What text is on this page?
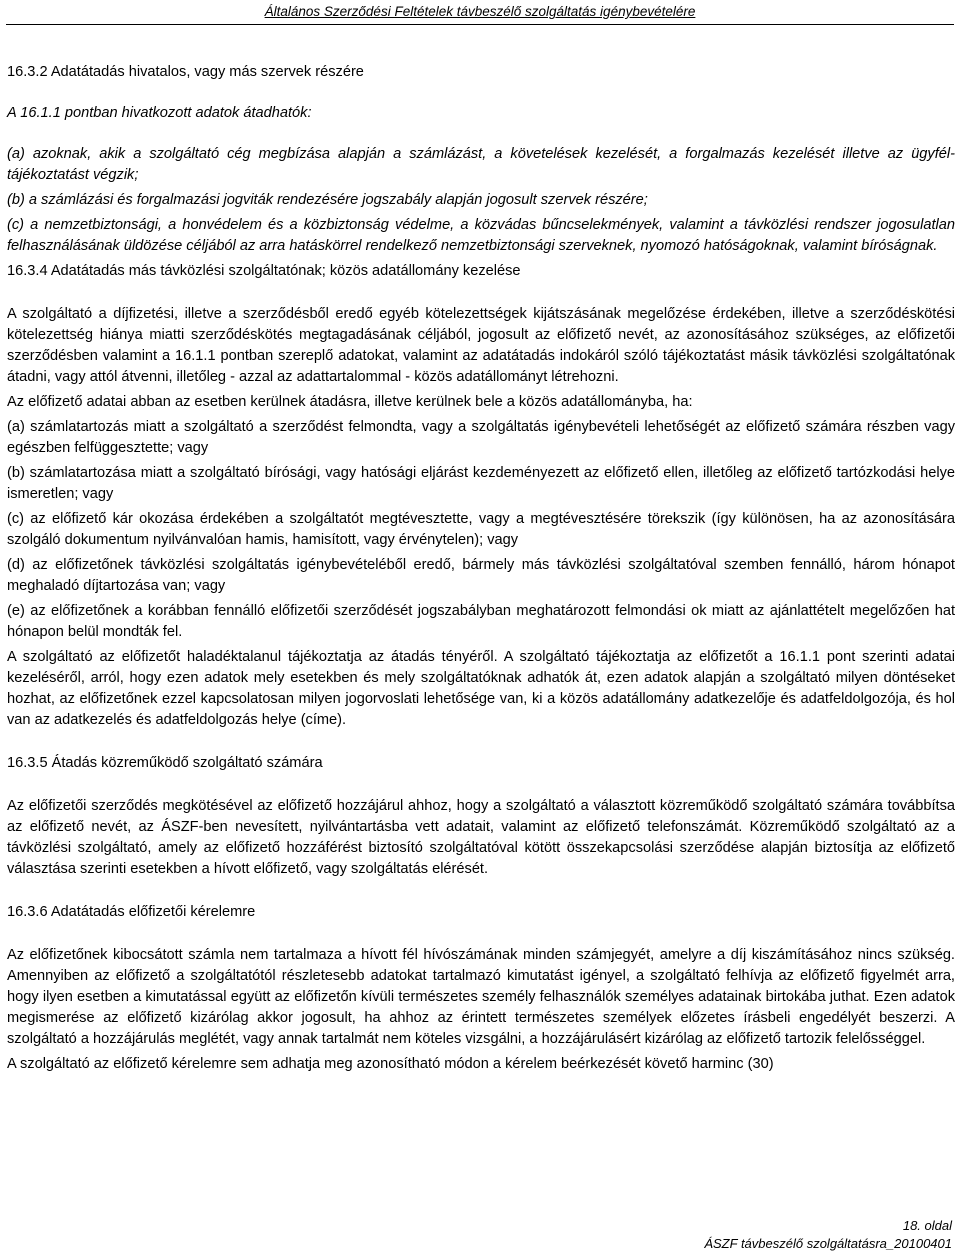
Általános Szerződési Feltételek távbeszélő szolgáltatás igénybevételére

16.3.2 Adatátadás hivatalos, vagy más szervek részére

A 16.1.1 pontban hivatkozott adatok átadhatók:

(a) azoknak, akik a szolgáltató cég megbízása alapján a számlázást, a követelések kezelését, a forgalmazás kezelését illetve az ügyfél-tájékoztatást végzik;

(b) a számlázási és forgalmazási jogviták rendezésére jogszabály alapján jogosult szervek részére;

(c) a nemzetbiztonsági, a honvédelem és a közbiztonság védelme, a közvádas bűncselekmények, valamint a távközlési rendszer jogosulatlan felhasználásának üldözése céljából az arra hatáskörrel rendelkező nemzetbiztonsági szerveknek, nyomozó hatóságoknak, valamint bíróságnak.

16.3.4 Adatátadás más távközlési szolgáltatónak; közös adatállomány kezelése

A szolgáltató a díjfizetési, illetve a szerződésből eredő egyéb kötelezettségek kijátszásának megelőzése érdekében, illetve a szerződéskötési kötelezettség hiánya miatti szerződéskötés megtagadásának céljából, jogosult az előfizető nevét, az azonosításához szükséges, az előfizetői szerződésben valamint a 16.1.1 pontban szereplő adatokat, valamint az adatátadás indokáról szóló tájékoztatást másik távközlési szolgáltatónak átadni, vagy attól átvenni, illetőleg - azzal az adattartalommal - közös adatállományt létrehozni.

Az előfizető adatai abban az esetben kerülnek átadásra, illetve kerülnek bele a közös adatállományba, ha:

(a) számlatartozás miatt a szolgáltató a szerződést felmondta, vagy a szolgáltatás igénybevételi lehetőségét az előfizető számára részben vagy egészben felfüggesztette; vagy

(b) számlatartozása miatt a szolgáltató bírósági, vagy hatósági eljárást kezdeményezett az előfizető ellen, illetőleg az előfizető tartózkodási helye ismeretlen; vagy

(c) az előfizető kár okozása érdekében a szolgáltatót megtévesztette, vagy a megtévesztésére törekszik (így különösen, ha az azonosítására szolgáló dokumentum nyilvánvalóan hamis, hamisított, vagy érvénytelen); vagy

(d) az előfizetőnek távközlési szolgáltatás igénybevételéből eredő, bármely más távközlési szolgáltatóval szemben fennálló, három hónapot meghaladó díjtartozása van; vagy

(e) az előfizetőnek a korábban fennálló előfizetői szerződését jogszabályban meghatározott felmondási ok miatt az ajánlattételt megelőzően hat hónapon belül mondták fel.

A szolgáltató az előfizetőt haladéktalanul tájékoztatja az átadás tényéről. A szolgáltató tájékoztatja az előfizetőt a 16.1.1 pont szerinti adatai kezeléséről, arról, hogy ezen adatok mely esetekben és mely szolgáltatóknak adhatók át, ezen adatok alapján a szolgáltató milyen döntéseket hozhat, az előfizetőnek ezzel kapcsolatosan milyen jogorvoslati lehetősége van, ki a közös adatállomány adatkezelője és adatfeldolgozója, és hol van az adatkezelés és adatfeldolgozás helye (címe).

16.3.5 Átadás közreműködő szolgáltató számára

Az előfizetői szerződés megkötésével az előfizető hozzájárul ahhoz, hogy a szolgáltató a választott közreműködő szolgáltató számára továbbítsa az előfizető nevét, az ÁSZF-ben nevesített, nyilvántartásba vett adatait, valamint az előfizető telefonszámát. Közreműködő szolgáltató az a távközlési szolgáltató, amely az előfizető hozzáférést biztosító szolgáltatóval kötött összekapcsolási szerződése alapján biztosítja az előfizető választása szerinti esetekben a hívott előfizető, vagy szolgáltatás elérését.

16.3.6 Adatátadás előfizetői kérelemre

Az előfizetőnek kibocsátott számla nem tartalmaza a hívott fél hívószámának minden számjegyét, amelyre a díj kiszámításához nincs szükség. Amennyiben az előfizető a szolgáltatótól részletesebb adatokat tartalmazó kimutatást igényel, a szolgáltató felhívja az előfizető figyelmét arra, hogy ilyen esetben a kimutatással együtt az előfizetőn kívüli természetes személy felhasználók személyes adatainak birtokába juthat. Ezen adatok megismerése az előfizető kizárólag akkor jogosult, ha ahhoz az érintett természetes személyek előzetes írásbeli engedélyét beszerzi. A szolgáltató a hozzájárulás meglétét, vagy annak tartalmát nem köteles vizsgálni, a hozzájárulásért kizárólag az előfizető tartozik felelősséggel.

A szolgáltató az előfizető kérelemre sem adhatja meg azonosítható módon a kérelem beérkezését követő harminc (30)

18. oldal
ÁSZF távbeszélő szolgáltatásra_20100401
